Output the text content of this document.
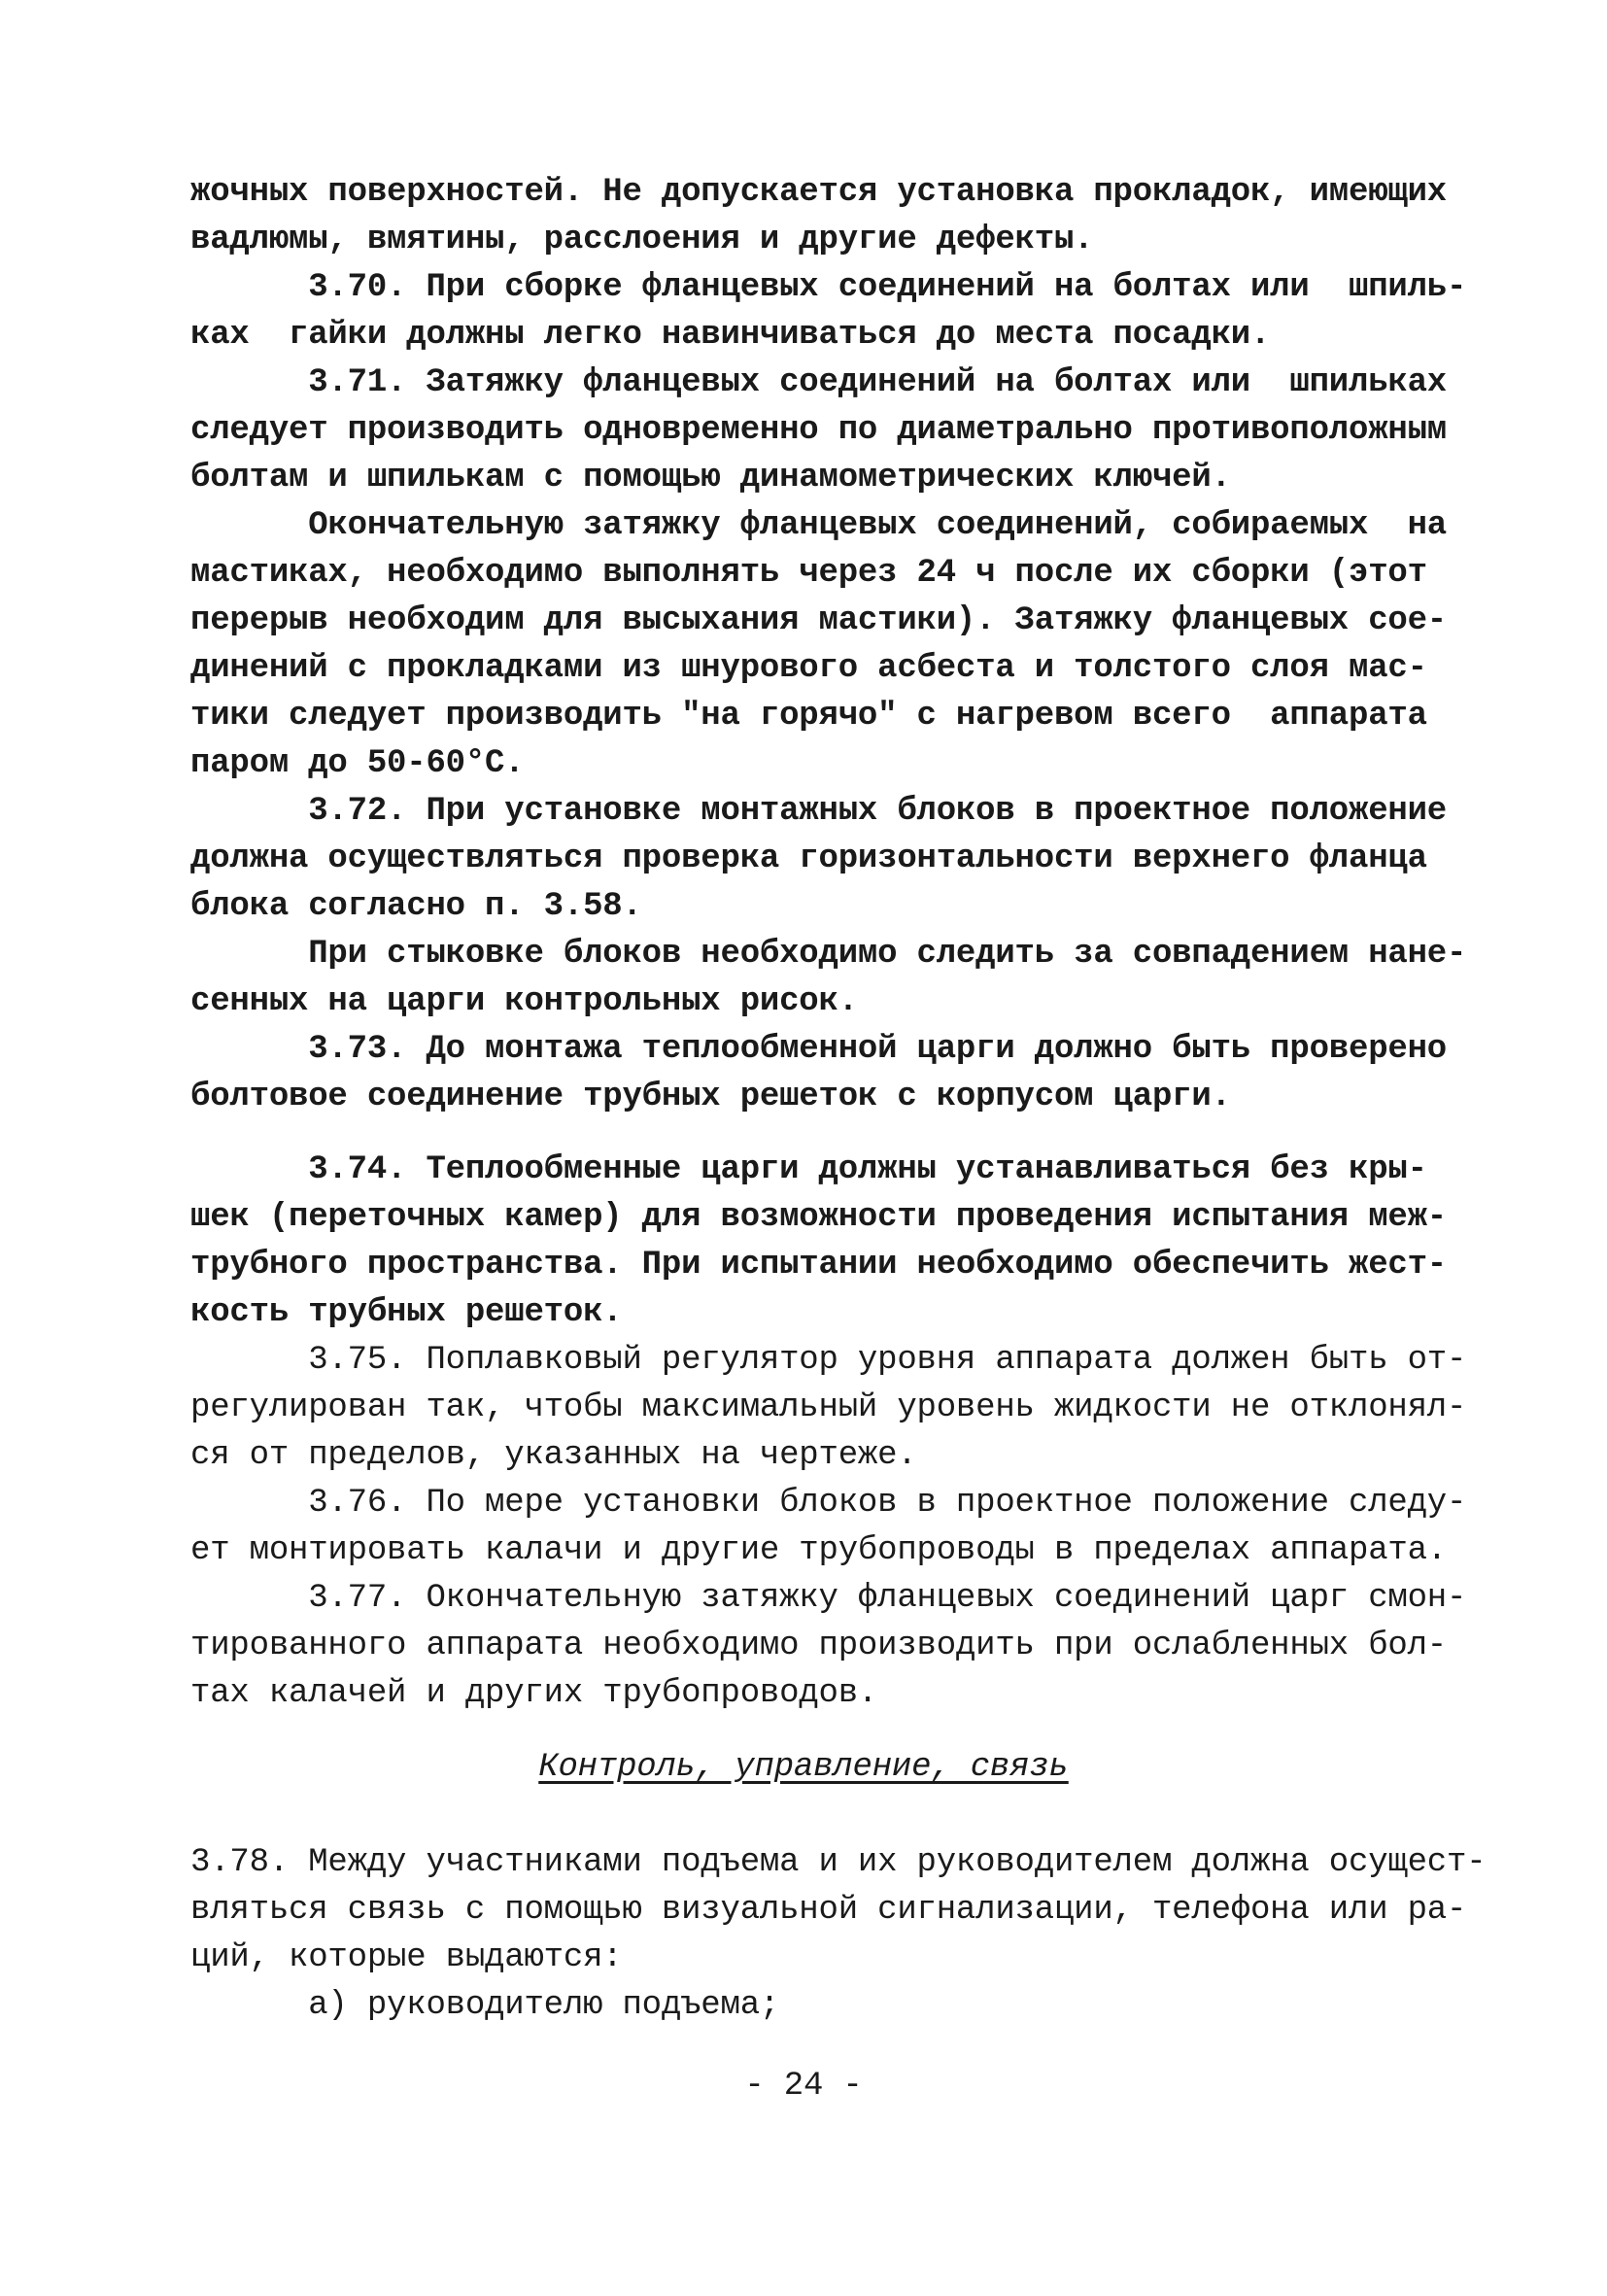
жочных поверхностей. Не допускается установка прокладок, имеющих
вадлюмы, вмятины, расслоения и другие дефекты.
3.70. При сборке фланцевых соединений на болтах или  шпиль-
ках  гайки должны легко навинчиваться до места посадки.
3.71. Затяжку фланцевых соединений на болтах или  шпильках
следует производить одновременно по диаметрально противоположным
болтам и шпилькам с помощью динамометрических ключей.
Окончательную затяжку фланцевых соединений, собираемых  на
мастиках, необходимо выполнять через 24 ч после их сборки (этот
перерыв необходим для высыхания мастики). Затяжку фланцевых сое-
динений с прокладками из шнурового асбеста и толстого слоя мас-
тики следует производить "на горячо" с нагревом всего  аппарата
паром до 50-60°С.
3.72. При установке монтажных блоков в проектное положение
должна осуществляться проверка горизонтальности верхнего фланца
блока согласно п. 3.58.
При стыковке блоков необходимо следить за совпадением нане-
сенных на царги контрольных рисок.
3.73. До монтажа теплообменной царги должно быть проверено
болтовое соединение трубных решеток с корпусом царги.
3.74. Теплообменные царги должны устанавливаться без кры-
шек (переточных камер) для возможности проведения испытания меж-
трубного пространства. При испытании необходимо обеспечить жест-
кость трубных решеток.
3.75. Поплавковый регулятор уровня аппарата должен быть от-
регулирован так, чтобы максимальный уровень жидкости не отклонял-
ся от пределов, указанных на чертеже.
3.76. По мере установки блоков в проектное положение следу-
ет монтировать калачи и другие трубопроводы в пределах аппарата.
3.77. Окончательную затяжку фланцевых соединений царг смон-
тированного аппарата необходимо производить при ослабленных бол-
тах калачей и других трубопроводов.
Контроль, управление, связь
3.78. Между участниками подъема и их руководителем должна осущест-
вляться связь с помощью визуальной сигнализации, телефона или ра-
ций, которые выдаются:
а) руководителю подъема;
- 24 -
